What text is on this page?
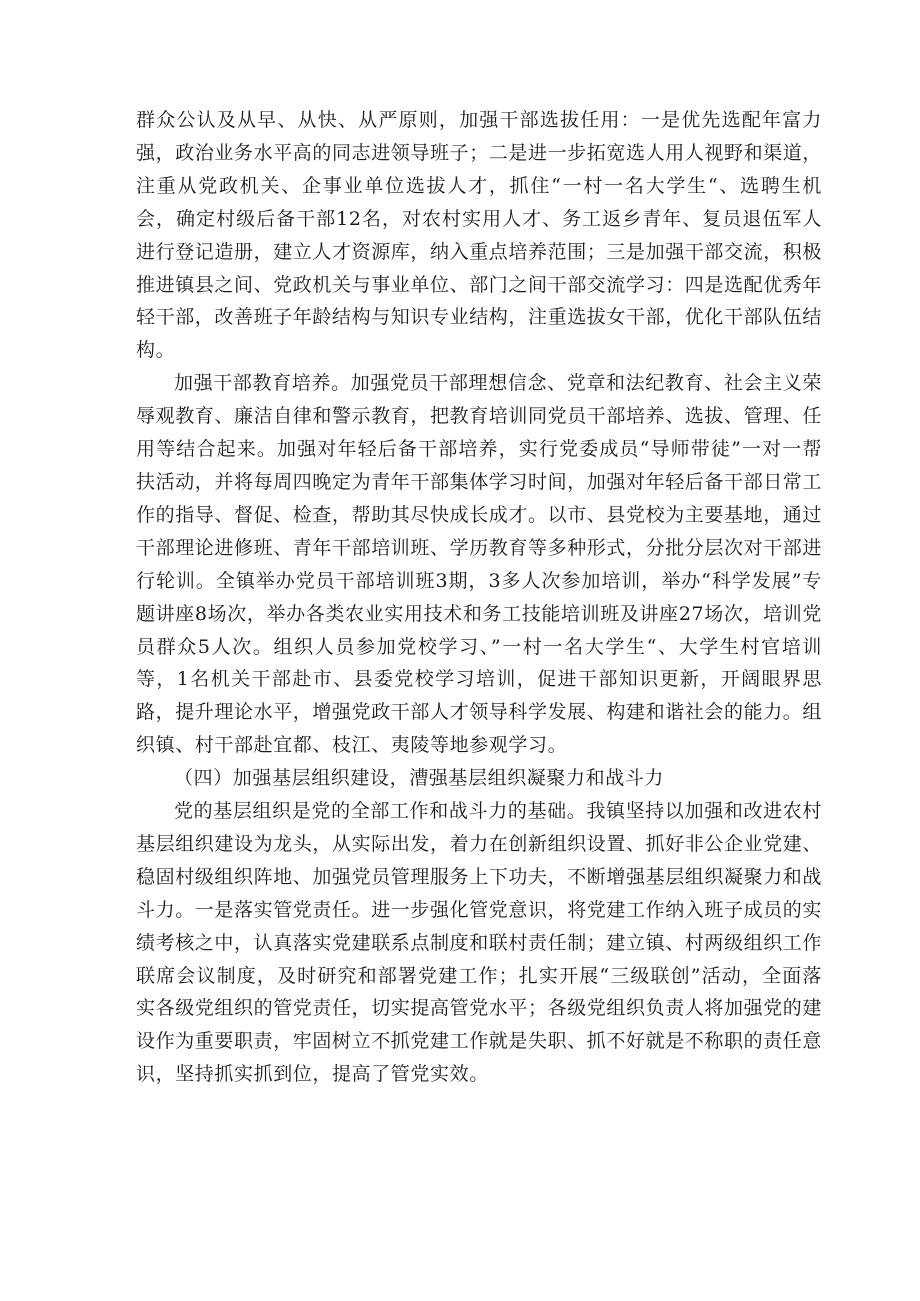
群众公认及从早、从快、从严原则，加强干部选拔任用：一是优先选配年富力强，政治业务水平高的同志进领导班子；二是进一步拓宽选人用人视野和渠道，注重从党政机关、企事业单位选拔人才，抓住“一村一名大学生“、选聘生机会，确定村级后备干部12名，对农村实用人才、务工返乡青年、复员退伍军人进行登记造册，建立人才资源库，纳入重点培养范围；三是加强干部交流，积极推进镇县之间、党政机关与事业单位、部门之间干部交流学习：四是选配优秀年轻干部，改善班子年龄结构与知识专业结构，注重选拔女干部，优化干部队伍结构。

加强干部教育培养。加强党员干部理想信念、党章和法纪教育、社会主义荣辱观教育、廉洁自律和警示教育，把教育培训同党员干部培养、选拔、管理、任用等结合起来。加强对年轻后备干部培养，实行党委成员“导师带徒”一对一帮扶活动，并将每周四晚定为青年干部集体学习时间，加强对年轻后备干部日常工作的指导、督促、检查，帮助其尽快成长成才。以市、县党校为主要基地，通过干部理论进修班、青年干部培训班、学历教育等多种形式，分批分层次对干部进行轮训。全镇举办党员干部培训班3期，3多人次参加培训，举办“科学发展”专题讲座8场次，举办各类农业实用技术和务工技能培训班及讲座27场次，培训党员群众5人次。组织人员参加党校学习、”一村一名大学生“、大学生村官培训等，1名机关干部赴市、县委党校学习培训，促进干部知识更新，开阔眼界思路，提升理论水平，增强党政干部人才领导科学发展、构建和谐社会的能力。组织镇、村干部赴宜都、枝江、夷陵等地参观学习。

（四）加强基层组织建设，漕强基层组织凝聚力和战斗力

党的基层组织是党的全部工作和战斗力的基础。我镇坚持以加强和改进农村基层组织建设为龙头，从实际出发，着力在创新组织设置、抓好非公企业党建、稳固村级组织阵地、加强党员管理服务上下功夫，不断增强基层组织凝聚力和战斗力。一是落实管党责任。进一步强化管党意识，将党建工作纳入班子成员的实绩考核之中，认真落实党建联系点制度和联村责任制；建立镇、村两级组织工作联席会议制度，及时研究和部署党建工作；扎实开展“三级联创”活动，全面落实各级党组织的管党责任，切实提高管党水平；各级党组织负责人将加强党的建设作为重要职责，牢固树立不抓党建工作就是失职、抓不好就是不称职的责任意识，坚持抓实抓到位，提高了管党实效。
